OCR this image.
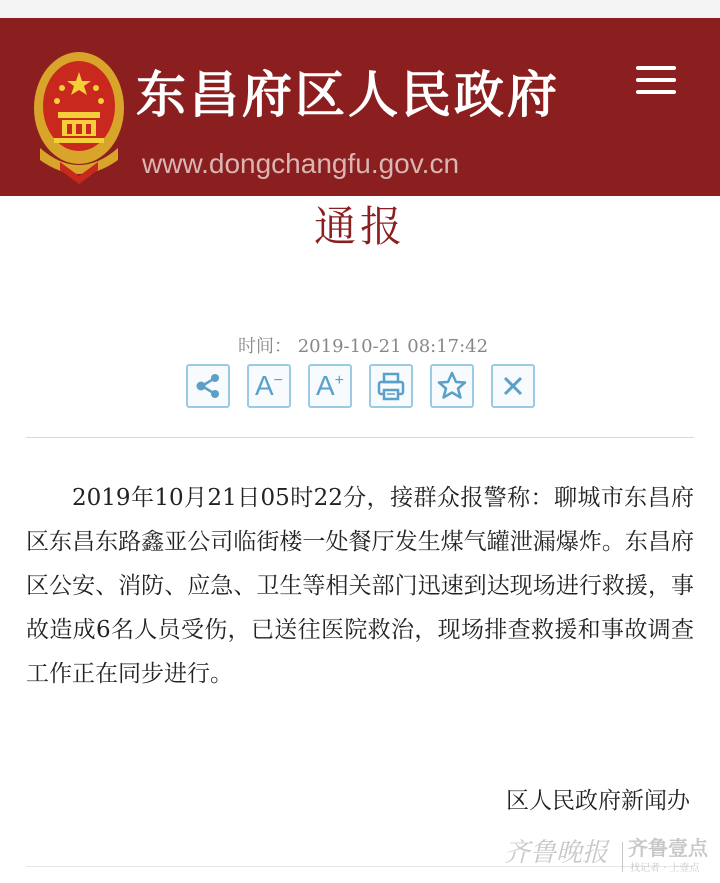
东昌府区人民政府
www.dongchangfu.gov.cn
通报
时间： 2019-10-21 08:17:42
A− A+

2019年10月21日05时22分，接群众报警称：聊城市东昌府区东昌东路鑫亚公司临街楼一处餐厅发生煤气罐泄漏爆炸。东昌府区公安、消防、应急、卫生等相关部门迅速到达现场进行救援，事故造成6名人员受伤，已送往医院救治，现场排查救援和事故调查工作正在同步进行。

区人民政府新闻办
齐鲁晚报 齐鲁壹点
找记者 · 上壹点
